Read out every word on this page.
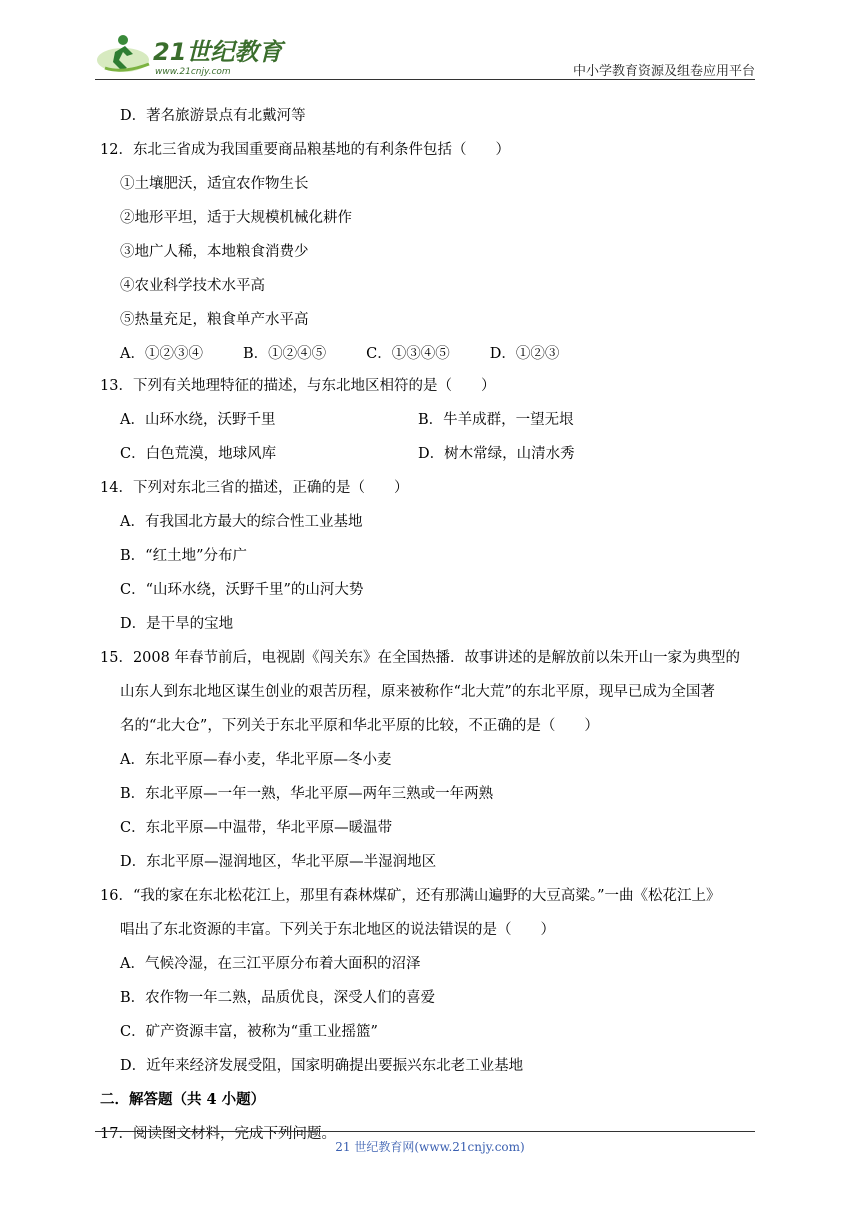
21世纪教育
www.21cnjy.com	中小学教育资源及组卷应用平台
D．著名旅游景点有北戴河等
12．东北三省成为我国重要商品粮基地的有利条件包括（　　）
①土壤肥沃，适宜农作物生长
②地形平坦，适于大规模机械化耕作
③地广人稀，本地粮食消费少
④农业科学技术水平高
⑤热量充足，粮食单产水平高
A．①②③④	B．①②④⑤	C．①③④⑤	D．①②③
13．下列有关地理特征的描述，与东北地区相符的是（　　）
A．山环水绕，沃野千里	B．牛羊成群，一望无垠
C．白色荒漠，地球风库	D．树木常绿，山清水秀
14．下列对东北三省的描述，正确的是（　　）
A．有我国北方最大的综合性工业基地
B．“红土地”分布广
C．“山环水绕，沃野千里”的山河大势
D．是干旱的宝地
15．2008 年春节前后，电视剧《闯关东》在全国热播．故事讲述的是解放前以朱开山一家为典型的
山东人到东北地区谋生创业的艰苦历程，原来被称作“北大荒”的东北平原，现早已成为全国著
名的“北大仓”，下列关于东北平原和华北平原的比较，不正确的是（　　）
A．东北平原—春小麦，华北平原—冬小麦
B．东北平原—一年一熟，华北平原—两年三熟或一年两熟
C．东北平原—中温带，华北平原—暖温带
D．东北平原—湿润地区，华北平原—半湿润地区
16．“我的家在东北松花江上，那里有森林煤矿，还有那满山遍野的大豆高粱。”一曲《松花江上》
唱出了东北资源的丰富。下列关于东北地区的说法错误的是（　　）
A．气候冷湿，在三江平原分布着大面积的沼泽
B．农作物一年二熟，品质优良，深受人们的喜爱
C．矿产资源丰富，被称为“重工业摇篮”
D．近年来经济发展受阻，国家明确提出要振兴东北老工业基地
二．解答题（共 4 小题）
17．阅读图文材料，完成下列问题。
21 世纪教育网(www.21cnjy.com)
